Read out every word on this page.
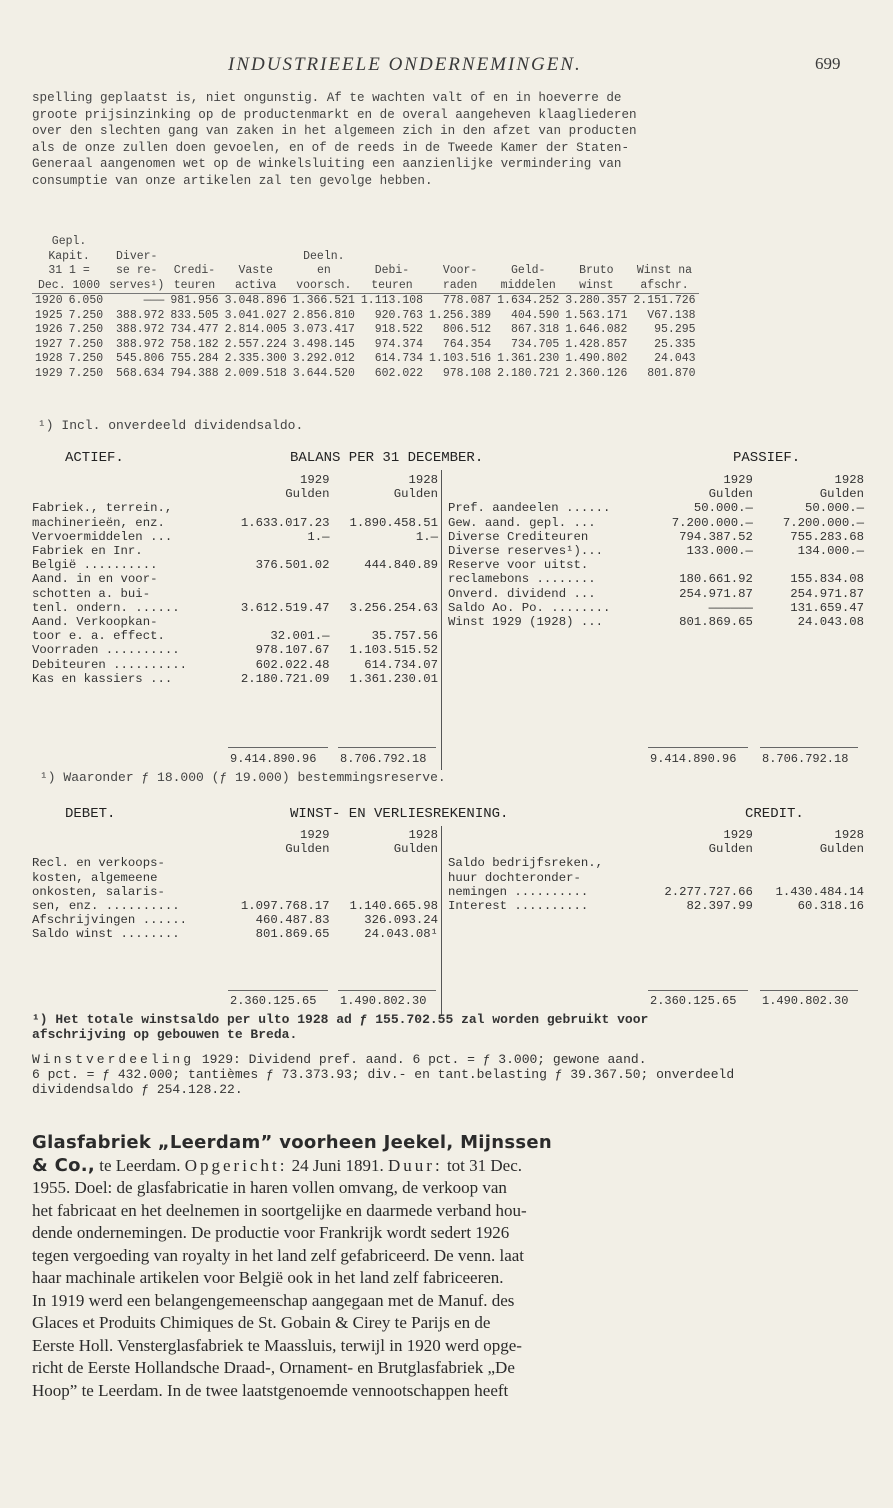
INDUSTRIEELE ONDERNEMINGEN.	699
spelling geplaatst is, niet ongunstig. Af te wachten valt of en in hoeverre de
groote prijsinzinking op de productenmarkt en de overal aangeheven klaagliederen
over den slechten gang van zaken in het algemeen zich in den afzet van producten
als de onze zullen doen gevoelen, en of de reeds in de Tweede Kamer der Staten-
Generaal aangenomen wet op de winkelsluiting een aanzienlijke vermindering van
consumptie van onze artikelen zal ten gevolge hebben.
Gepl.										
Kapit.		Diver-			Deeln.					
31 1 =		se re-	Credi-	Vaste	en	Debi-	Voor-	Geld-	Bruto	Winst na
Dec. 1000		serves¹)	teuren	activa	voorsch.	teuren	raden	middelen	winst	afschr.
1920	6.050	———	981.956	3.048.896	1.366.521	1.113.108	778.087	1.634.252	3.280.357	2.151.726
1925	7.250	388.972	833.505	3.041.027	2.856.810	920.763	1.256.389	404.590	1.563.171	V67.138
1926	7.250	388.972	734.477	2.814.005	3.073.417	918.522	806.512	867.318	1.646.082	95.295
1927	7.250	388.972	758.182	2.557.224	3.498.145	974.374	764.354	734.705	1.428.857	25.335
1928	7.250	545.806	755.284	2.335.300	3.292.012	614.734	1.103.516	1.361.230	1.490.802	24.043
1929	7.250	568.634	794.388	2.009.518	3.644.520	602.022	978.108	2.180.721	2.360.126	801.870
¹) Incl. onverdeeld dividendsaldo.
ACTIEF.	BALANS PER 31 DECEMBER.	PASSIEF.
	1929	1928
	Gulden	Gulden
Fabriek., terrein.,		
machinerieën, enz.	1.633.017.23	1.890.458.51
Vervoermiddelen ...	1.—	1.—
Fabriek en Inr.		
België ..........	376.501.02	444.840.89
Aand. in en voor-		
schotten a. bui-		
tenl. ondern. ......	3.612.519.47	3.256.254.63
Aand. Verkoopkan-		
toor e. a. effect.	32.001.—	35.757.56
Voorraden ..........	978.107.67	1.103.515.52
Debiteuren ..........	602.022.48	614.734.07
Kas en kassiers ...	2.180.721.09	1.361.230.01
	1929	1928
	Gulden	Gulden
Pref. aandeelen ......	50.000.—	50.000.—
Gew. aand. gepl. ...	7.200.000.—	7.200.000.—
Diverse Crediteuren	794.387.52	755.283.68
Diverse reserves¹)...	133.000.—	134.000.—
Reserve voor uitst.		
reclamebons ........	180.661.92	155.834.08
Onverd. dividend ...	254.971.87	254.971.87
Saldo Ao. Po. ........	——————	131.659.47
Winst 1929 (1928) ...	801.869.65	24.043.08
9.414.890.96 8.706.792.18	9.414.890.96 8.706.792.18
¹) Waaronder ƒ 18.000 (ƒ 19.000) bestemmingsreserve.
DEBET.	WINST- EN VERLIESREKENING.	CREDIT.
	1929	1928
	Gulden	Gulden
Recl. en verkoops-		
kosten, algemeene		
onkosten, salaris-		
sen, enz. ..........	1.097.768.17	1.140.665.98
Afschrijvingen ......	460.487.83	326.093.24
Saldo winst ........	801.869.65	24.043.08¹
	1929	1928
	Gulden	Gulden
Saldo bedrijfsreken.,		
huur dochteronder-		
nemingen ..........	2.277.727.66	1.430.484.14
Interest ..........	82.397.99	60.318.16
2.360.125.65 1.490.802.30	2.360.125.65 1.490.802.30
¹) Het totale winstsaldo per ulto 1928 ad ƒ 155.702.55 zal worden gebruikt voor
afschrijving op gebouwen te Breda.
Winstverdeeling 1929: Dividend pref. aand. 6 pct. = ƒ 3.000; gewone aand.
6 pct. = ƒ 432.000; tantièmes ƒ 73.373.93; div.- en tant.belasting ƒ 39.367.50; onverdeeld
dividendsaldo ƒ 254.128.22.
Glasfabriek „Leerdam” voorheen Jeekel, Mijnssen
& Co., te Leerdam. Opgericht: 24 Juni 1891. Duur: tot 31 Dec.
1955. Doel: de glasfabricatie in haren vollen omvang, de verkoop van
het fabricaat en het deelnemen in soortgelijke en daarmede verband hou-
dende ondernemingen. De productie voor Frankrijk wordt sedert 1926
tegen vergoeding van royalty in het land zelf gefabriceerd. De venn. laat
haar machinale artikelen voor België ook in het land zelf fabriceeren.
In 1919 werd een belangengemeenschap aangegaan met de Manuf. des
Glaces et Produits Chimiques de St. Gobain & Cirey te Parijs en de
Eerste Holl. Vensterglasfabriek te Maassluis, terwijl in 1920 werd opge-
richt de Eerste Hollandsche Draad-, Ornament- en Brutglasfabriek „De
Hoop” te Leerdam. In de twee laatstgenoemde vennootschappen heeft
